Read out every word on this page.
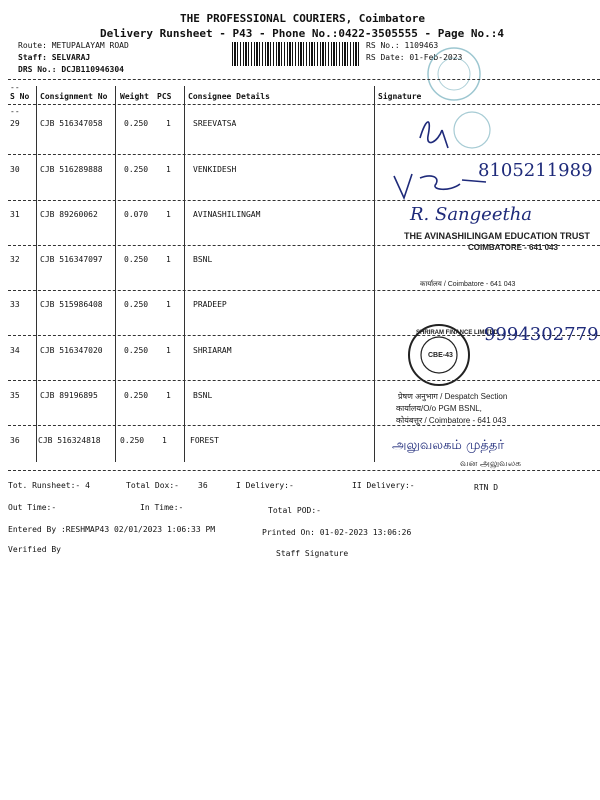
THE PROFESSIONAL COURIERS, Coimbatore
Delivery Runsheet - P43 - Phone No.:0422-3505555 - Page No.:4
Route: METUPALAYAM ROAD
Staff: SELVARAJ
DRS No.: DCJB110946304
RS No.: 1109463
RS Date: 01-Feb-2023
--
S No Consignment No Weight PCS Consignee Details	Signature
--
29	CJB 516347058	0.250 1	SREEVATSA
30	CJB 516289888	0.250 1	VENKIDESH
31	CJB 89260062	0.070 1	AVINASHILINGAM
32	CJB 516347097	0.250 1	BSNL
33	CJB 515986408	0.250 1	PRADEEP
34	CJB 516347020	0.250 1	SHRIARAM
35	CJB 89196895	0.250 1	BSNL
36 CJB 516324818 0.250 1	FOREST
8105211989
R. Sangeetha
THE AVINASHILINGAM EDUCATION TRUST
COIMBATORE - 641 043
कार्यालय / Coimbatore - 641 043
SHRIRAM FINANCE LIMITED
CBE-43
9994302779
प्रेषण अनुभाग / Despatch Section
कार्यालय/O/o PGM BSNL,
कोयंबत्तूर / Coimbatore - 641 043
அலுவலகம் முத்தர்
வன அலுவலக
Tot. Runsheet:- 4	Total Dox:- 36	I Delivery:-	II Delivery:-	RTN D
Out Time:-	In Time:-	Total POD:-
Entered By :RESHMAP43 02/01/2023 1:06:33 PM	Printed On: 01-02-2023 13:06:26
Verified By	Staff Signature
